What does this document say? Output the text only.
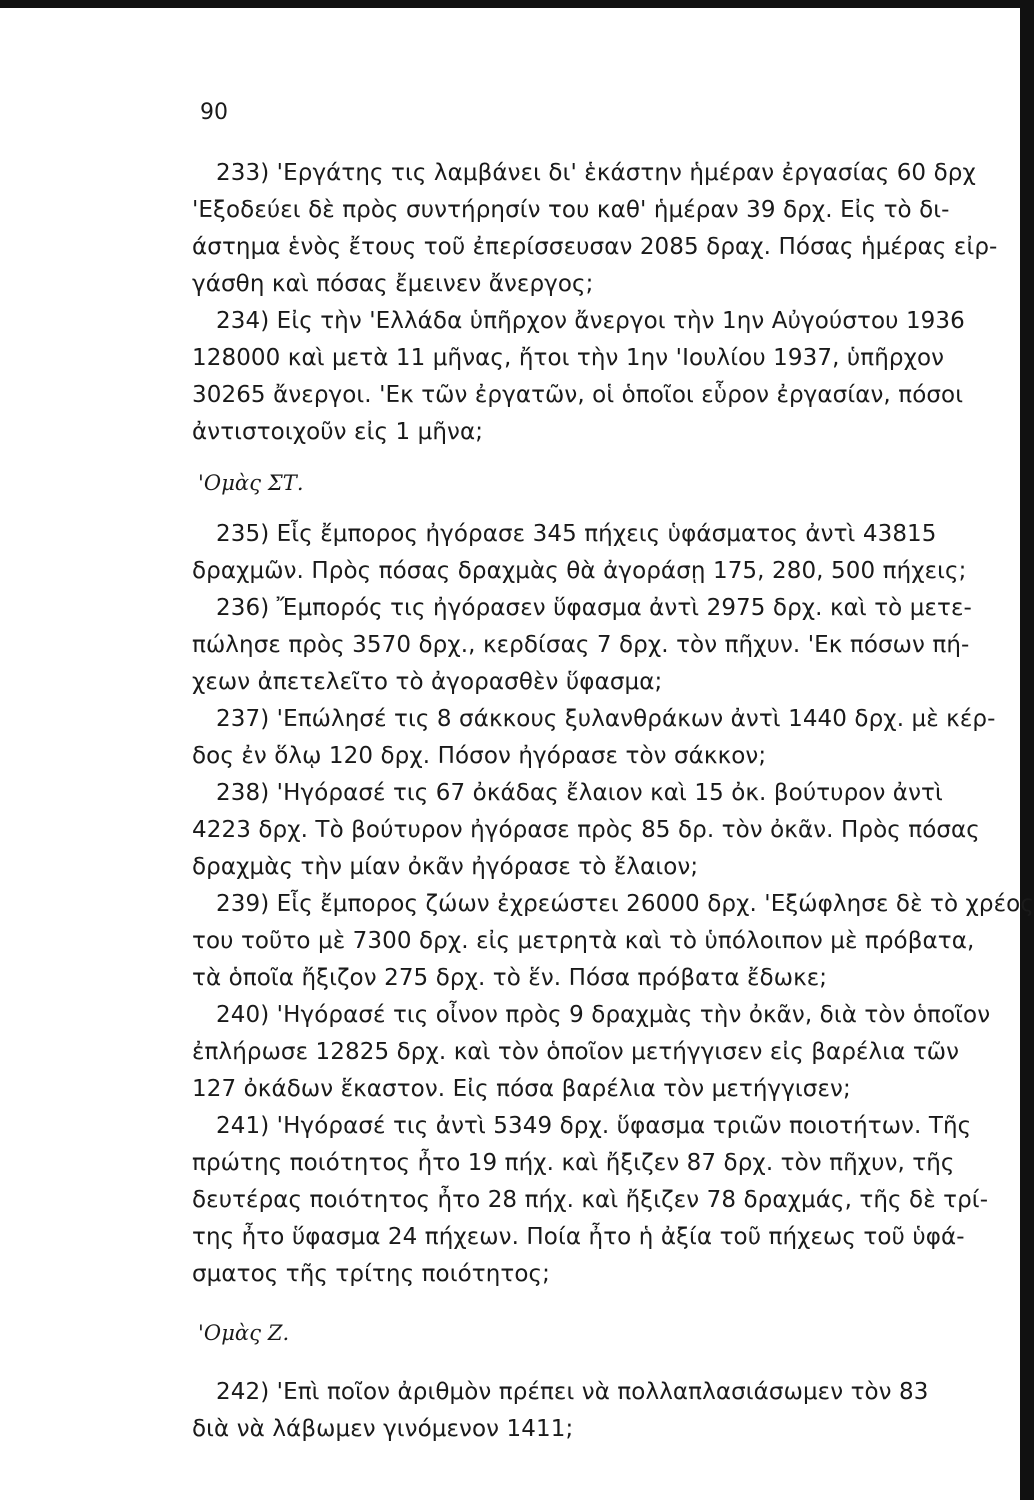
90
233) 'Εργάτης τις λαμβάνει δι' ἑκάστην ἡμέραν ἐργασίας 60 δρχ
'Εξοδεύει δὲ πρὸς συντήρησίν του καθ' ἡμέραν 39 δρχ. Εἰς τὸ δι-
άστημα ἑνὸς ἔτους τοῦ ἐπερίσσευσαν 2085 δραχ. Πόσας ἡμέρας εἰρ-
γάσθη καὶ πόσας ἔμεινεν ἄνεργος;
234) Εἰς τὴν 'Ελλάδα ὑπῆρχον ἄνεργοι τὴν 1ην Αὐγούστου 1936
128000 καὶ μετὰ 11 μῆνας, ἤτοι τὴν 1ην 'Ιουλίου 1937, ὑπῆρχον
30265 ἄνεργοι. 'Εκ τῶν ἐργατῶν, οἱ ὁποῖοι εὗρον ἐργασίαν, πόσοι
ἀντιστοιχοῦν εἰς 1 μῆνα;
'Ομὰς ΣΤ.
235) Εἷς ἔμπορος ἠγόρασε 345 πήχεις ὑφάσματος ἀντὶ 43815
δραχμῶν. Πρὸς πόσας δραχμὰς θὰ ἀγοράσῃ 175, 280, 500 πήχεις;
236) Ἔμπορός τις ἠγόρασεν ὕφασμα ἀντὶ 2975 δρχ. καὶ τὸ μετε-
πώλησε πρὸς 3570 δρχ., κερδίσας 7 δρχ. τὸν πῆχυν. 'Εκ πόσων πή-
χεων ἀπετελεῖτο τὸ ἀγορασθὲν ὕφασμα;
237) 'Επώλησέ τις 8 σάκκους ξυλανθράκων ἀντὶ 1440 δρχ. μὲ κέρ-
δος ἐν ὅλῳ 120 δρχ. Πόσον ἠγόρασε τὸν σάκκον;
238) 'Ηγόρασέ τις 67 ὀκάδας ἔλαιον καὶ 15 ὀκ. βούτυρον ἀντὶ
4223 δρχ. Τὸ βούτυρον ἠγόρασε πρὸς 85 δρ. τὸν ὀκᾶν. Πρὸς πόσας
δραχμὰς τὴν μίαν ὀκᾶν ἠγόρασε τὸ ἔλαιον;
239) Εἷς ἔμπορος ζώων ἐχρεώστει 26000 δρχ. 'Εξώφλησε δὲ τὸ χρέος
του τοῦτο μὲ 7300 δρχ. εἰς μετρητὰ καὶ τὸ ὑπόλοιπον μὲ πρόβατα,
τὰ ὁποῖα ἤξιζον 275 δρχ. τὸ ἕν. Πόσα πρόβατα ἔδωκε;
240) 'Ηγόρασέ τις οἶνον πρὸς 9 δραχμὰς τὴν ὀκᾶν, διὰ τὸν ὁποῖον
ἐπλήρωσε 12825 δρχ. καὶ τὸν ὁποῖον μετήγγισεν εἰς βαρέλια τῶν
127 ὀκάδων ἕκαστον. Εἰς πόσα βαρέλια τὸν μετήγγισεν;
241) 'Ηγόρασέ τις ἀντὶ 5349 δρχ. ὕφασμα τριῶν ποιοτήτων. Τῆς
πρώτης ποιότητος ἦτο 19 πήχ. καὶ ἤξιζεν 87 δρχ. τὸν πῆχυν, τῆς
δευτέρας ποιότητος ἦτο 28 πήχ. καὶ ἤξιζεν 78 δραχμάς, τῆς δὲ τρί-
της ἦτο ὕφασμα 24 πήχεων. Ποία ἦτο ἡ ἀξία τοῦ πήχεως τοῦ ὑφά-
σματος τῆς τρίτης ποιότητος;
'Ομὰς Ζ.
242) 'Επὶ ποῖον ἀριθμὸν πρέπει νὰ πολλαπλασιάσωμεν τὸν 83
διὰ νὰ λάβωμεν γινόμενον 1411;
